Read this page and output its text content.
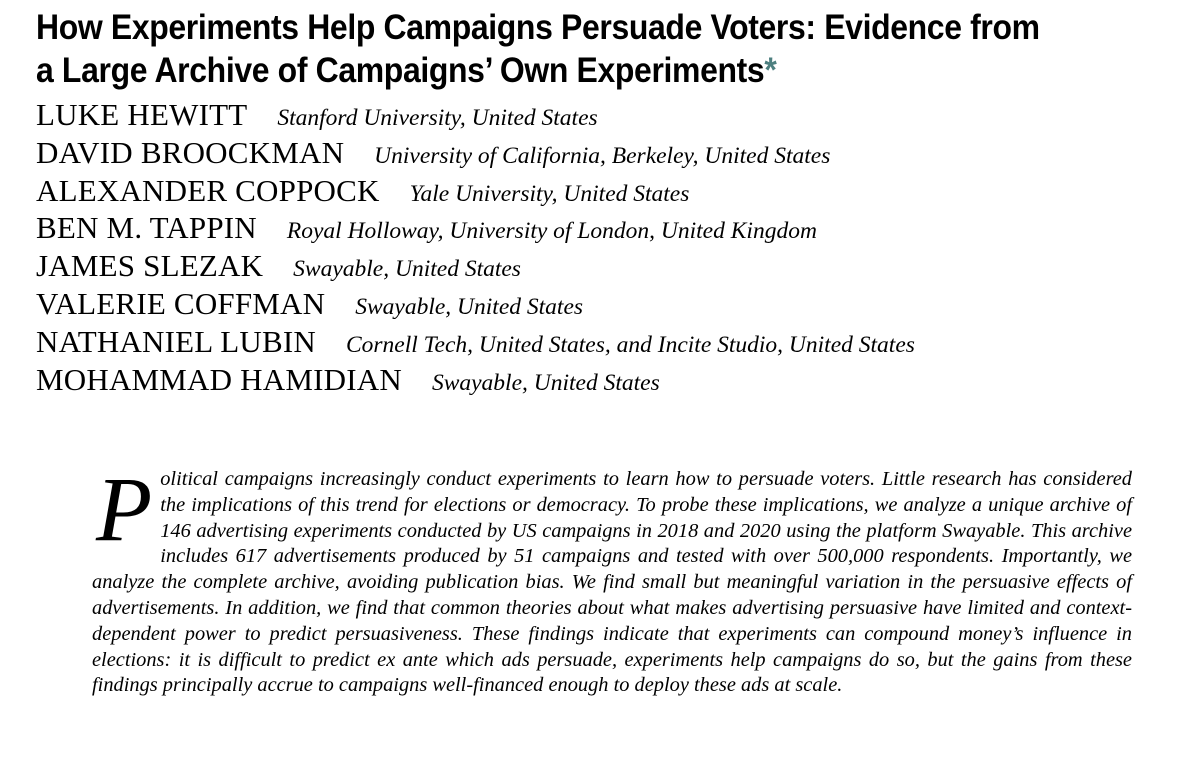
How Experiments Help Campaigns Persuade Voters: Evidence from
a Large Archive of Campaigns’ Own Experiments*
LUKE HEWITT Stanford University, United States
DAVID BROOCKMAN University of California, Berkeley, United States
ALEXANDER COPPOCK Yale University, United States
BEN M. TAPPIN Royal Holloway, University of London, United Kingdom
JAMES SLEZAK Swayable, United States
VALERIE COFFMAN Swayable, United States
NATHANIEL LUBIN Cornell Tech, United States, and Incite Studio, United States
MOHAMMAD HAMIDIAN Swayable, United States

Political campaigns increasingly conduct experiments to learn how to persuade voters. Little research has considered the implications of this trend for elections or democracy. To probe these implications, we analyze a unique archive of 146 advertising experiments conducted by US campaigns in 2018 and 2020 using the platform Swayable. This archive includes 617 advertisements produced by 51 campaigns and tested with over 500,000 respondents. Importantly, we analyze the complete archive, avoiding publication bias. We find small but meaningful variation in the persuasive effects of advertisements. In addition, we find that common theories about what makes advertising persuasive have limited and context-dependent power to predict persuasiveness. These findings indicate that experiments can compound money’s influence in elections: it is difficult to predict ex ante which ads persuade, experiments help campaigns do so, but the gains from these findings principally accrue to campaigns well-financed enough to deploy these ads at scale.
